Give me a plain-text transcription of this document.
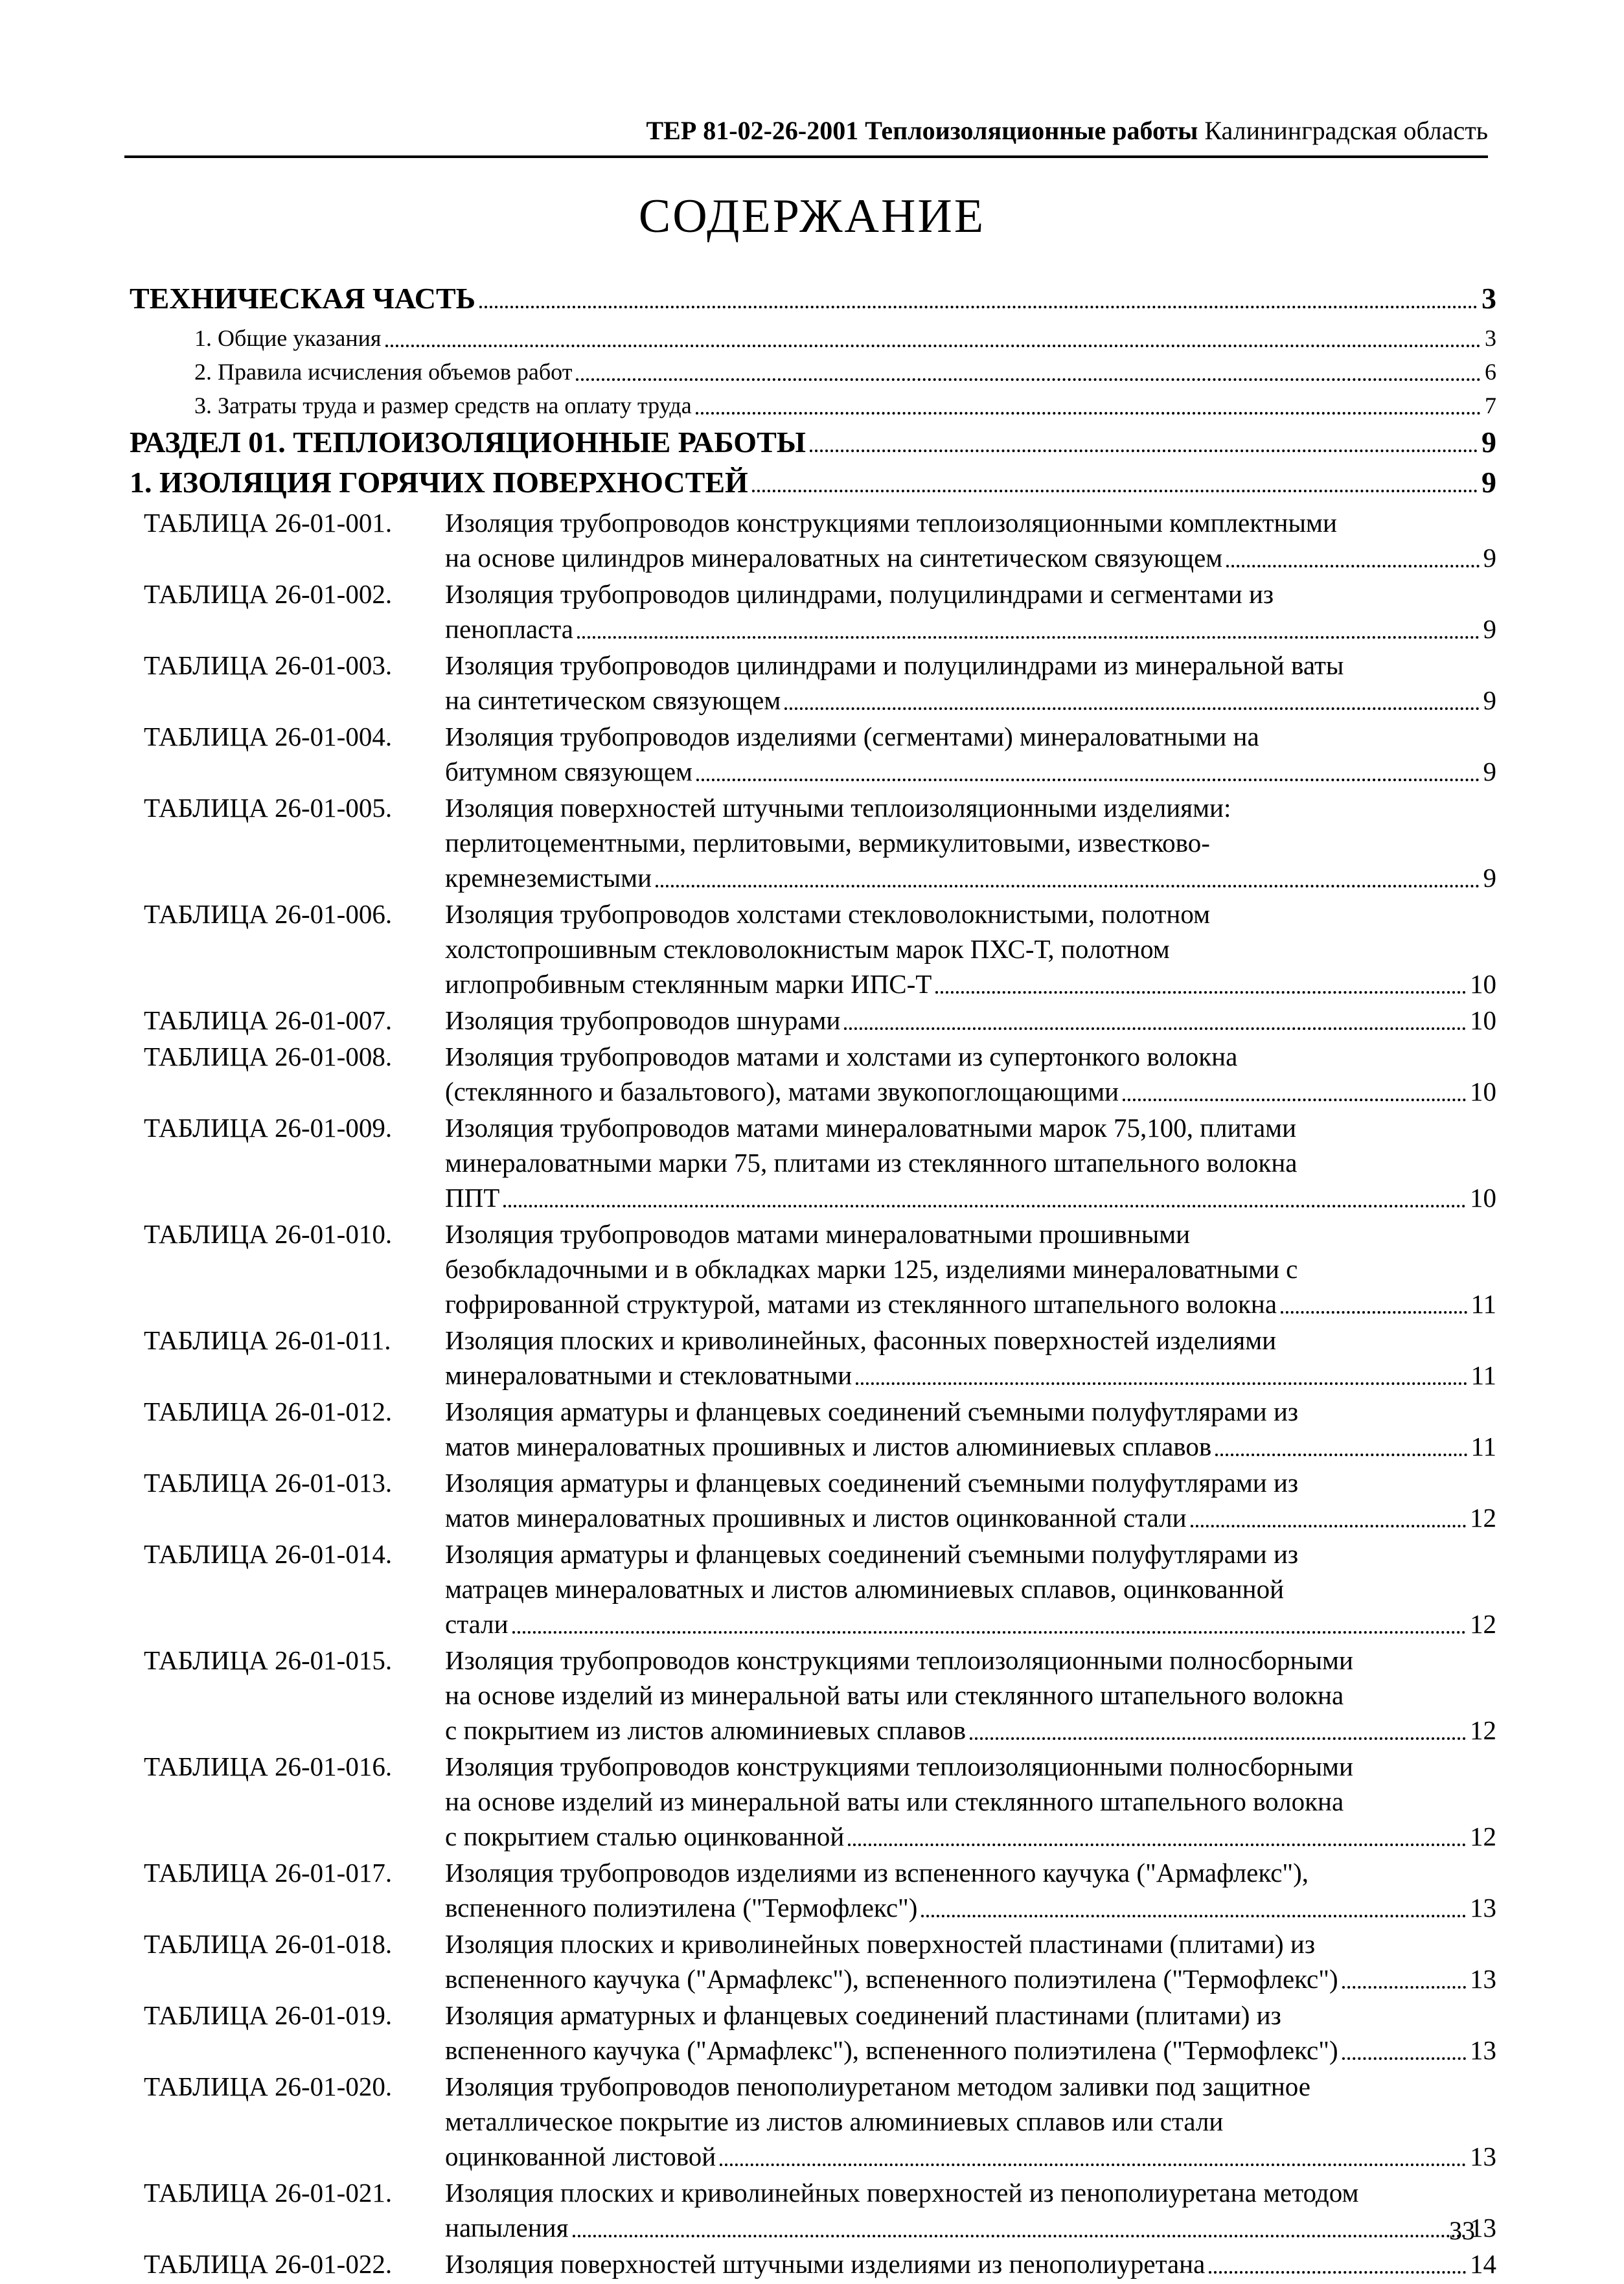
ТЕР 81-02-26-2001 Теплоизоляционные работы Калининградская область
СОДЕРЖАНИЕ
ТЕХНИЧЕСКАЯ ЧАСТЬ	3
1. Общие указания	3
2. Правила исчисления объемов работ	6
3. Затраты труда и размер средств на оплату труда	7
РАЗДЕЛ 01. ТЕПЛОИЗОЛЯЦИОННЫЕ РАБОТЫ	9
1. ИЗОЛЯЦИЯ ГОРЯЧИХ ПОВЕРХНОСТЕЙ	9
ТАБЛИЦА 26-01-001.	Изоляция трубопроводов конструкциями теплоизоляционными комплектными
на основе цилиндров минераловатных на синтетическом связующем	9
ТАБЛИЦА 26-01-002.	Изоляция трубопроводов цилиндрами, полуцилиндрами и сегментами из
пенопласта	9
ТАБЛИЦА 26-01-003.	Изоляция трубопроводов цилиндрами и полуцилиндрами из минеральной ваты
на синтетическом связующем	9
ТАБЛИЦА 26-01-004.	Изоляция трубопроводов изделиями (сегментами) минераловатными на
битумном связующем	9
ТАБЛИЦА 26-01-005.	Изоляция поверхностей штучными теплоизоляционными изделиями:
перлитоцементными, перлитовыми, вермикулитовыми, известково-
кремнеземистыми	9
ТАБЛИЦА 26-01-006.	Изоляция трубопроводов холстами стекловолокнистыми, полотном
холстопрошивным стекловолокнистым марок ПХС-Т, полотном
иглопробивным стеклянным марки ИПС-Т	10
ТАБЛИЦА 26-01-007.	Изоляция трубопроводов шнурами	10
ТАБЛИЦА 26-01-008.	Изоляция трубопроводов матами и холстами из супертонкого волокна
(стеклянного и базальтового), матами звукопоглощающими	10
ТАБЛИЦА 26-01-009.	Изоляция трубопроводов матами минераловатными марок 75,100, плитами
минераловатными марки 75, плитами из стеклянного штапельного волокна
ППТ	10
ТАБЛИЦА 26-01-010.	Изоляция трубопроводов матами минераловатными прошивными
безобкладочными и в обкладках марки 125, изделиями минераловатными с
гофрированной структурой, матами из стеклянного штапельного волокна	11
ТАБЛИЦА 26-01-011.	Изоляция плоских и криволинейных, фасонных поверхностей изделиями
минераловатными и стекловатными	11
ТАБЛИЦА 26-01-012.	Изоляция арматуры и фланцевых соединений съемными полуфутлярами из
матов минераловатных прошивных и листов алюминиевых сплавов	11
ТАБЛИЦА 26-01-013.	Изоляция арматуры и фланцевых соединений съемными полуфутлярами из
матов минераловатных прошивных и листов оцинкованной стали	12
ТАБЛИЦА 26-01-014.	Изоляция арматуры и фланцевых соединений съемными полуфутлярами из
матрацев минераловатных и листов алюминиевых сплавов, оцинкованной
стали	12
ТАБЛИЦА 26-01-015.	Изоляция трубопроводов конструкциями теплоизоляционными полносборными
на основе изделий из минеральной ваты или стеклянного штапельного волокна
с покрытием из листов алюминиевых сплавов	12
ТАБЛИЦА 26-01-016.	Изоляция трубопроводов конструкциями теплоизоляционными полносборными
на основе изделий из минеральной ваты или стеклянного штапельного волокна
с покрытием сталью оцинкованной	12
ТАБЛИЦА 26-01-017.	Изоляция трубопроводов изделиями из вспененного каучука ("Армафлекс"),
вспененного полиэтилена ("Термофлекс")	13
ТАБЛИЦА 26-01-018.	Изоляция плоских и криволинейных поверхностей пластинами (плитами) из
вспененного каучука ("Армафлекс"), вспененного полиэтилена ("Термофлекс")	13
ТАБЛИЦА 26-01-019.	Изоляция арматурных и фланцевых соединений пластинами (плитами) из
вспененного каучука ("Армафлекс"), вспененного полиэтилена ("Термофлекс")	13
ТАБЛИЦА 26-01-020.	Изоляция трубопроводов пенополиуретаном методом заливки под защитное
металлическое покрытие из листов алюминиевых сплавов или стали
оцинкованной листовой	13
ТАБЛИЦА 26-01-021.	Изоляция плоских и криволинейных поверхностей из пенополиуретана методом
напыления	13
ТАБЛИЦА 26-01-022.	Изоляция поверхностей штучными изделиями из пенополиуретана	14
33
